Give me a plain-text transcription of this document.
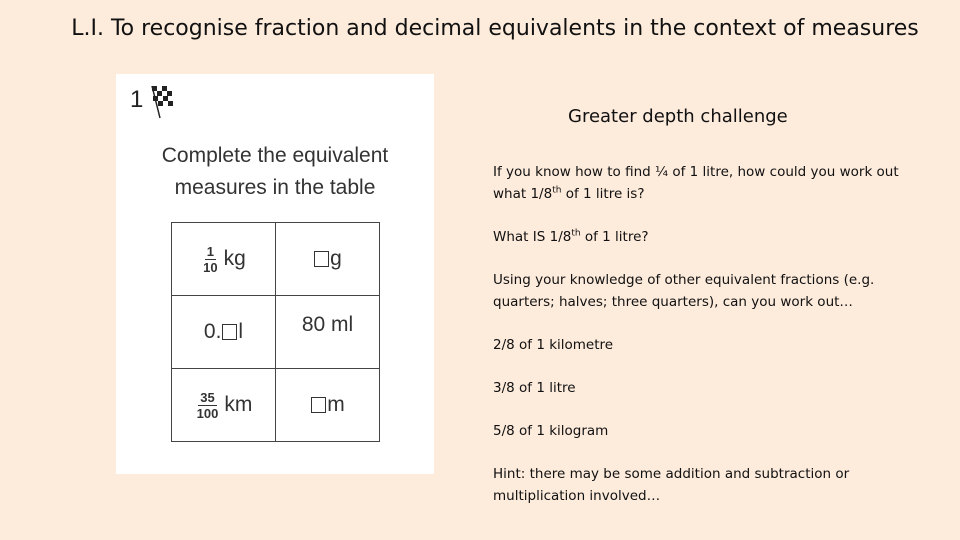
L.I. To recognise fraction and decimal equivalents in the context of measures
1
Complete the equivalent
measures in the table
$\frac{1}{10}$ kg	g

0. l	80 ml

$\frac{35}{100}$ km	m
Greater depth challenge
If you know how to find ¼ of 1 litre, how could you work out what 1/8th of 1 litre is?
What IS 1/8th of 1 litre?
Using your knowledge of other equivalent fractions (e.g. quarters; halves; three quarters), can you work out…
2/8 of 1 kilometre
3/8 of 1 litre
5/8 of 1 kilogram
Hint: there may be some addition and subtraction or multiplication involved…
